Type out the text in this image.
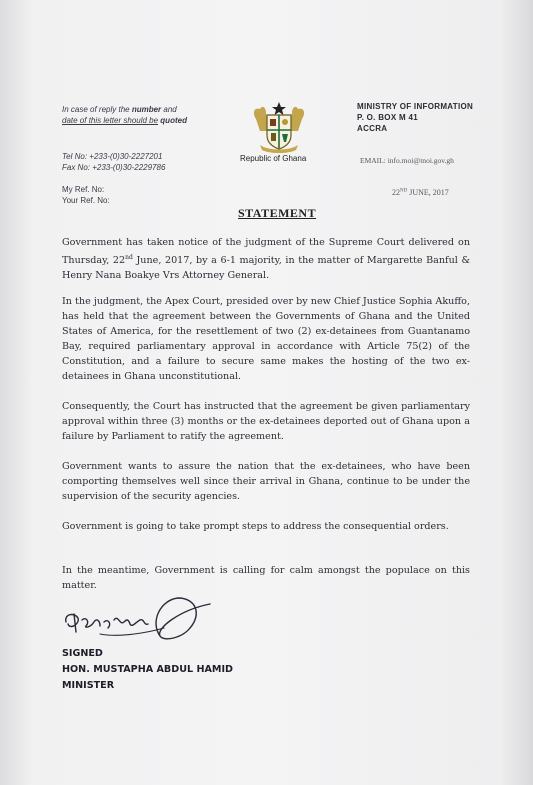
In case of reply the number and
date of this letter should be quoted
Tel No: +233-(0)30-2227201
Fax No: +233-(0)30-2229786
My Ref. No:
Your Ref. No:
Republic of Ghana
MINISTRY OF INFORMATION
P. O. BOX M 41
ACCRA
EMAIL: info.moi@moi.gov.gh
22ND JUNE, 2017
STATEMENT
Government has taken notice of the judgment of the Supreme Court delivered on Thursday, 22nd June, 2017, by a 6-1 majority, in the matter of Margarette Banful & Henry Nana Boakye Vrs Attorney General.
In the judgment, the Apex Court, presided over by new Chief Justice Sophia Akuffo, has held that the agreement between the Governments of Ghana and the United States of America, for the resettlement of two (2) ex-detainees from Guantanamo Bay, required parliamentary approval in accordance with Article 75(2) of the Constitution, and a failure to secure same makes the hosting of the two ex-detainees in Ghana unconstitutional.
Consequently, the Court has instructed that the agreement be given parliamentary approval within three (3) months or the ex-detainees deported out of Ghana upon a failure by Parliament to ratify the agreement.
Government wants to assure the nation that the ex-detainees, who have been comporting themselves well since their arrival in Ghana, continue to be under the supervision of the security agencies.
Government is going to take prompt steps to address the consequential orders.
In the meantime, Government is calling for calm amongst the populace on this matter.
SIGNED
HON. MUSTAPHA ABDUL HAMID
MINISTER
